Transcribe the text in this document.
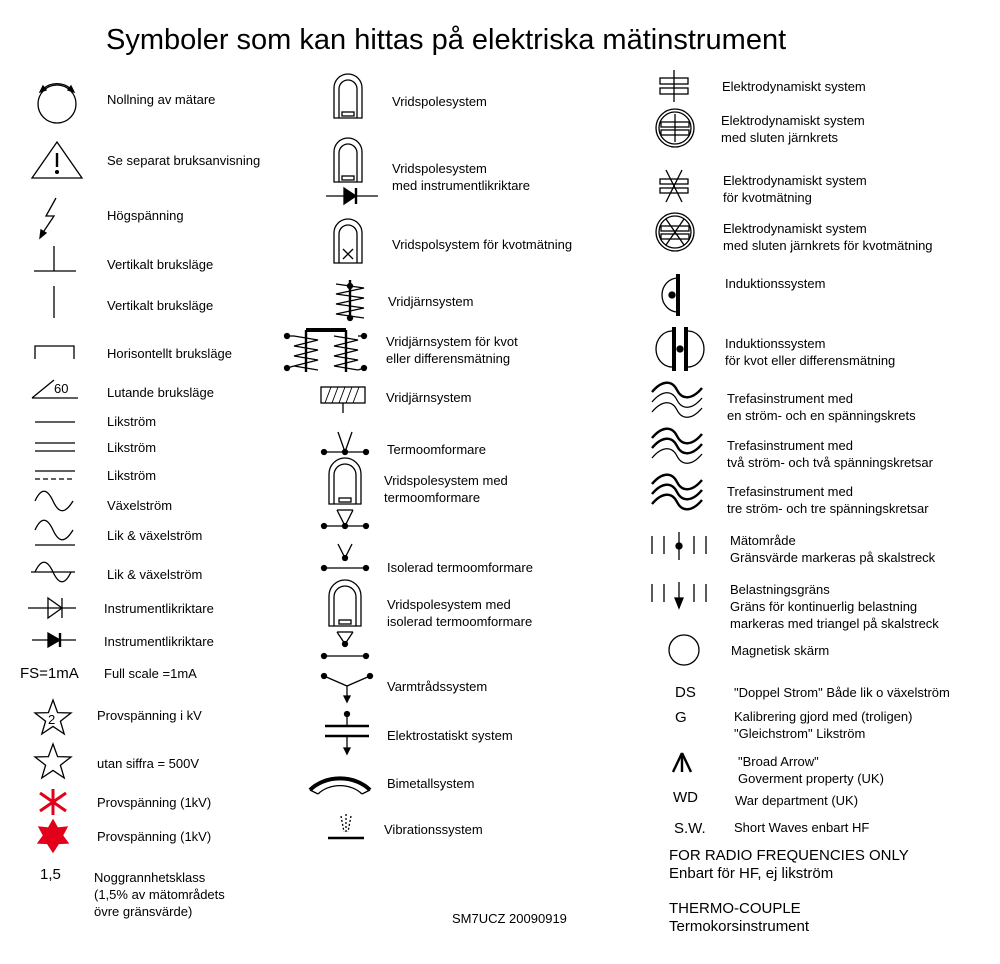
Symboler som kan hittas på elektriska mätinstrument
Nollning av mätare
Se separat bruksanvisning
Högspänning
Vertikalt bruksläge
Vertikalt bruksläge
Horisontellt bruksläge
60	Lutande bruksläge
Likström
Likström
Likström
Växelström
Lik & växelström
Lik & växelström
Instrumentlikriktare
Instrumentlikriktare
FS=1mA Full scale =1mA
2	Provspänning i kV
utan siffra = 500V
Provspänning (1kV)
Provspänning (1kV)
1,5	Noggrannhetsklass
(1,5% av mätområdets
övre gränsvärde)
Vridspolesystem
Vridspolesystem
med instrumentlikriktare
Vridspolsystem för kvotmätning
Vridjärnsystem
Vridjärnsystem för kvot
eller differensmätning
Vridjärnsystem
Termoomformare
Vridspolesystem med
termoomformare
Isolerad termoomformare
Vridspolesystem med
isolerad termoomformare
Varmtrådssystem
Elektrostatiskt system
Bimetallsystem
Vibrationssystem
Elektrodynamiskt system
Elektrodynamiskt system
med sluten järnkrets
Elektrodynamiskt system
för kvotmätning
Elektrodynamiskt system
med sluten järnkrets för kvotmätning
Induktionssystem
Induktionssystem
för kvot eller differensmätning
Trefasinstrument med
en ström- och en spänningskrets
Trefasinstrument med
två ström- och två spänningskretsar
Trefasinstrument med
tre ström- och tre spänningskretsar
Mätområde
Gränsvärde markeras på skalstreck
Belastningsgräns
Gräns för kontinuerlig belastning
markeras med triangel på skalstreck
Magnetisk skärm
DS	"Doppel Strom" Både lik o växelström
G	Kalibrering gjord med (troligen)
"Gleichstrom" Likström
"Broad Arrow"
Goverment property (UK)
WD	War department (UK)
S.W. Short Waves enbart HF
FOR RADIO FREQUENCIES ONLY
Enbart för HF, ej likström
THERMO-COUPLE
Termokorsinstrument
SM7UCZ 20090919
